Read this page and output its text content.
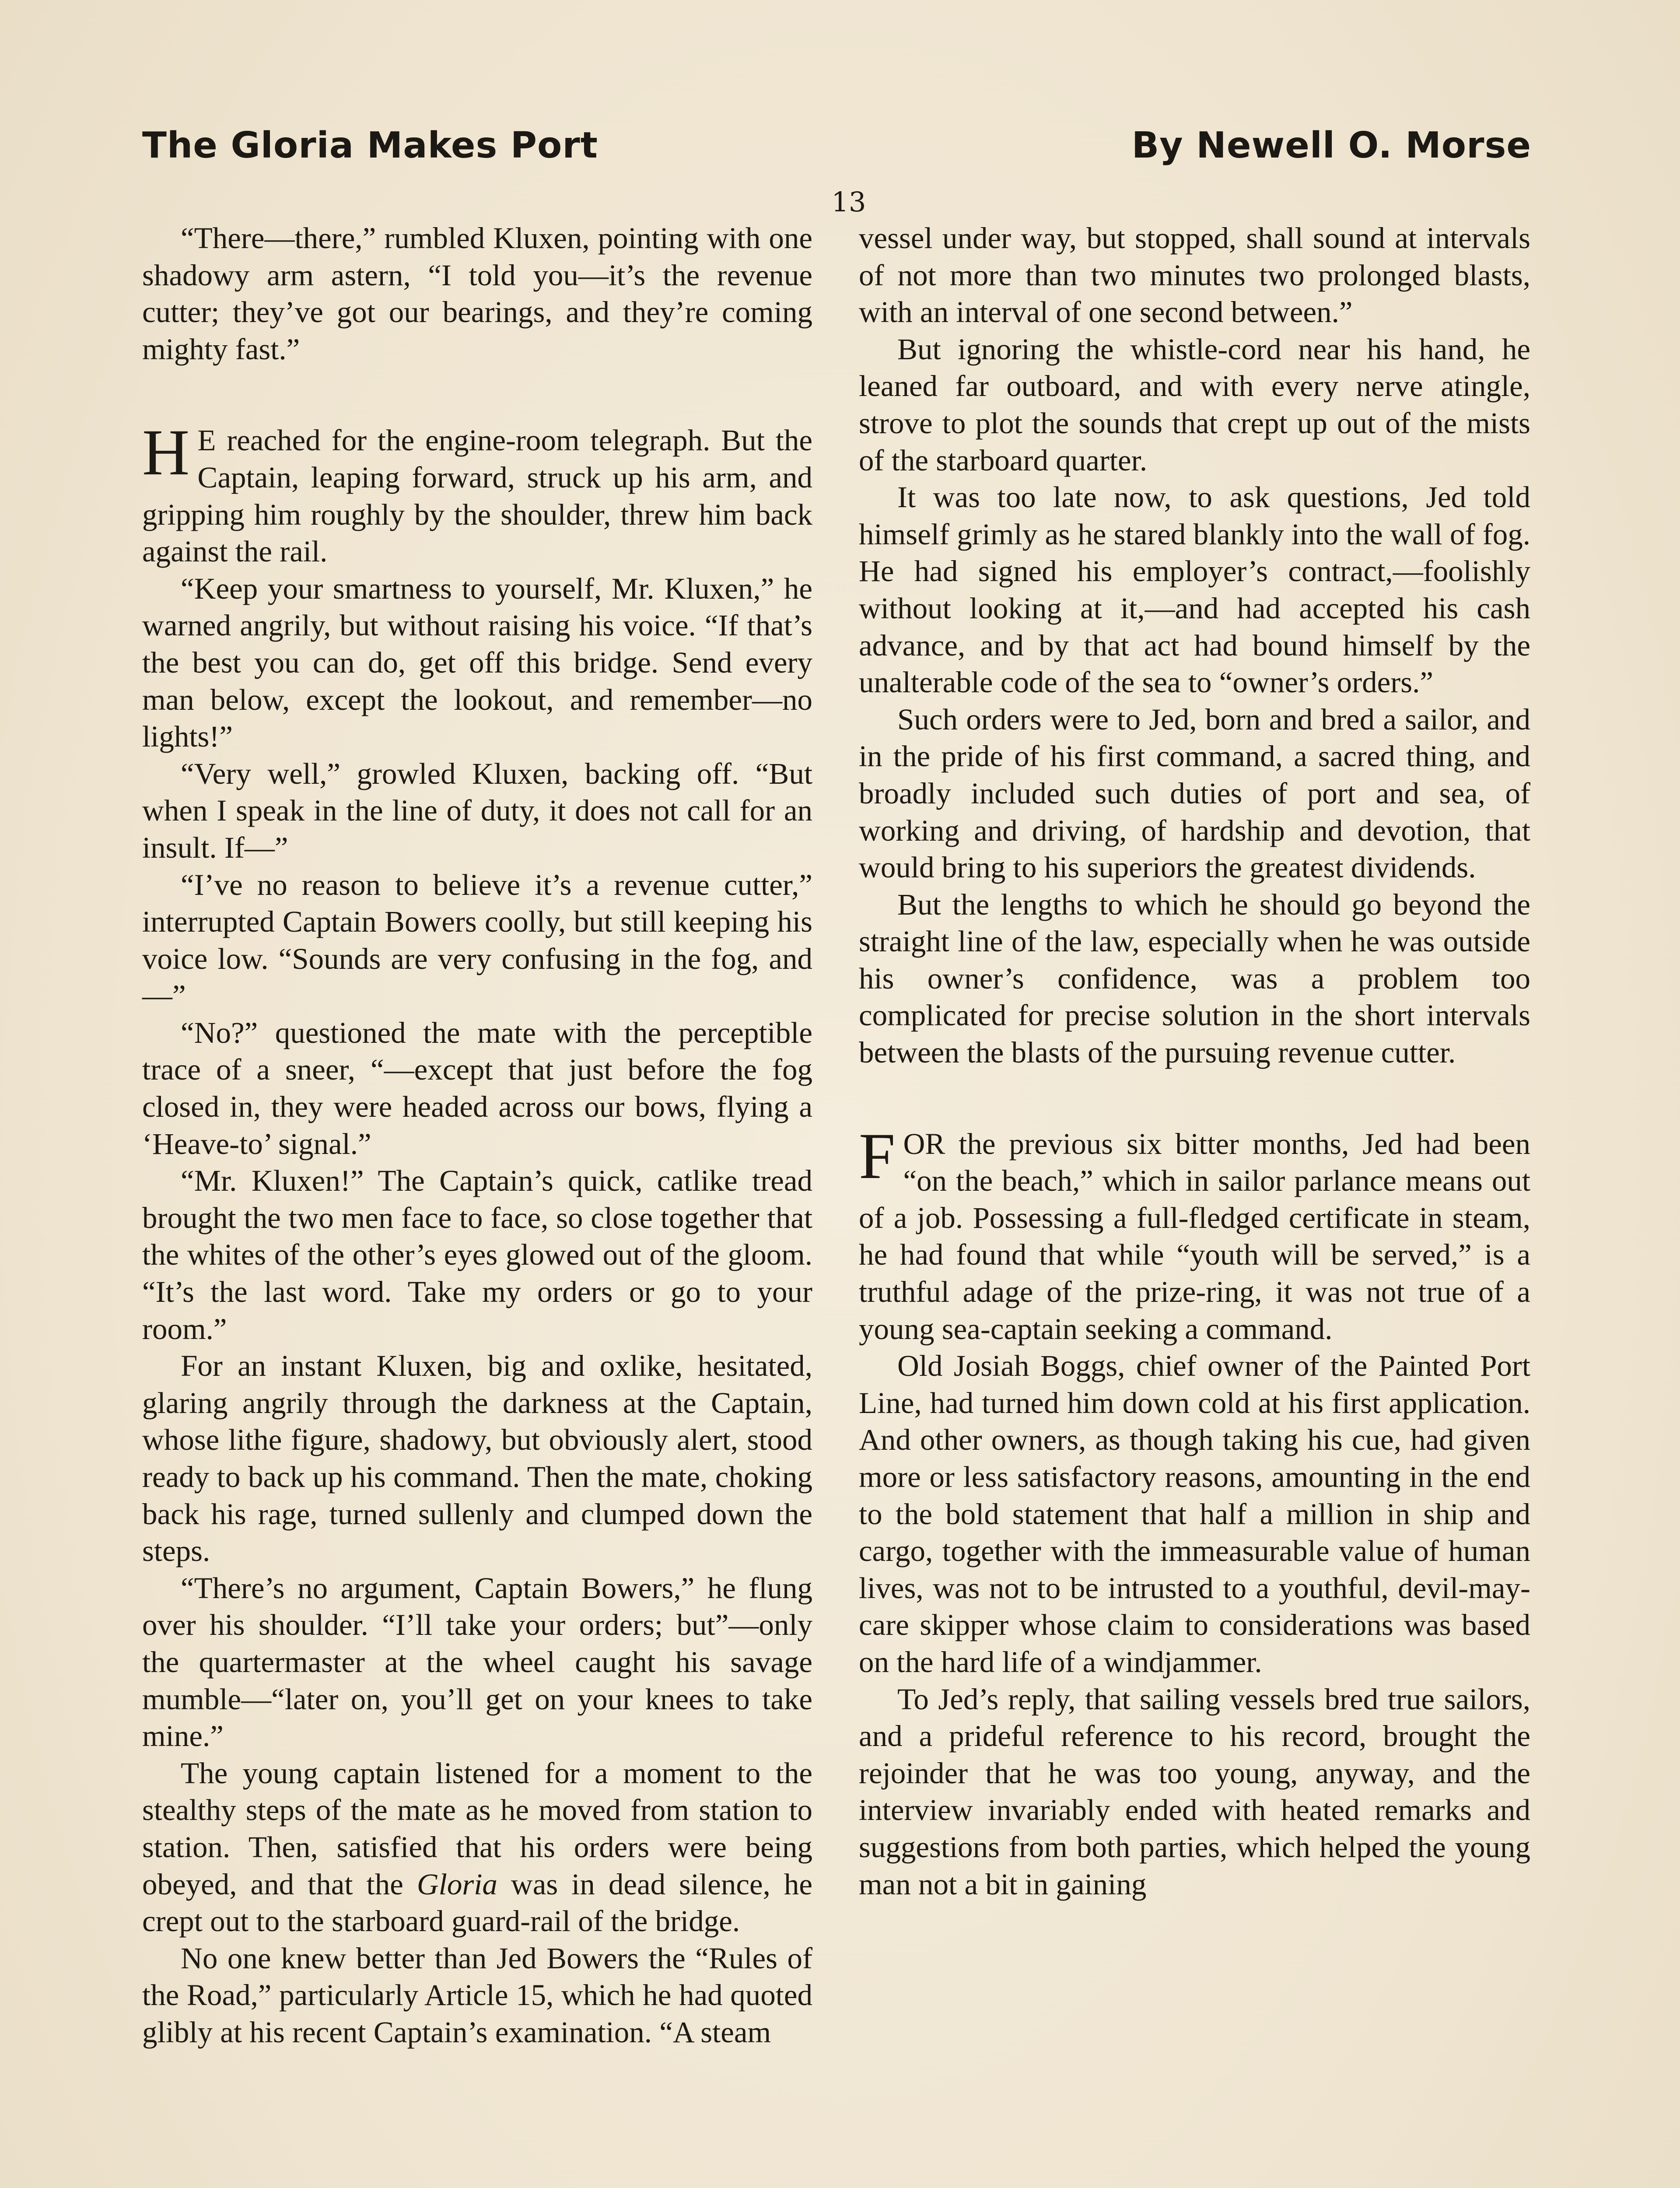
The Gloria Makes Port	By Newell O. Morse
13

“There—there,” rumbled Kluxen, pointing with one shadowy arm astern, “I told you—it’s the revenue cutter; they’ve got our bearings, and they’re coming mighty fast.”

H E reached for the engine-room telegraph. But the Captain, leaping forward, struck up his arm, and gripping him roughly by the shoulder, threw him back against the rail.

“Keep your smartness to yourself, Mr. Kluxen,” he warned angrily, but without raising his voice. “If that’s the best you can do, get off this bridge. Send every man below, except the lookout, and remember—no lights!”

“Very well,” growled Kluxen, backing off. “But when I speak in the line of duty, it does not call for an insult. If—”

“I’ve no reason to believe it’s a revenue cutter,” interrupted Captain Bowers coolly, but still keeping his voice low. “Sounds are very confusing in the fog, and—”

“No?” questioned the mate with the perceptible trace of a sneer, “—except that just before the fog closed in, they were headed across our bows, flying a ‘Heave-to’ signal.”

“Mr. Kluxen!” The Captain’s quick, catlike tread brought the two men face to face, so close together that the whites of the other’s eyes glowed out of the gloom. “It’s the last word. Take my orders or go to your room.”

For an instant Kluxen, big and oxlike, hesitated, glaring angrily through the darkness at the Captain, whose lithe figure, shadowy, but obviously alert, stood ready to back up his command. Then the mate, choking back his rage, turned sullenly and clumped down the steps.

“There’s no argument, Captain Bowers,” he flung over his shoulder. “I’ll take your orders; but”—only the quartermaster at the wheel caught his savage mumble—“later on, you’ll get on your knees to take mine.”

The young captain listened for a moment to the stealthy steps of the mate as he moved from station to station. Then, satisfied that his orders were being obeyed, and that the Gloria was in dead silence, he crept out to the starboard guard-rail of the bridge.

No one knew better than Jed Bowers the “Rules of the Road,” particularly Article 15, which he had quoted glibly at his recent Captain’s examination. “A steam

vessel under way, but stopped, shall sound at intervals of not more than two minutes two prolonged blasts, with an interval of one second between.”

But ignoring the whistle-cord near his hand, he leaned far outboard, and with every nerve atingle, strove to plot the sounds that crept up out of the mists of the starboard quarter.

It was too late now, to ask questions, Jed told himself grimly as he stared blankly into the wall of fog. He had signed his employer’s contract,—foolishly without looking at it,—and had accepted his cash advance, and by that act had bound himself by the unalterable code of the sea to “owner’s orders.”

Such orders were to Jed, born and bred a sailor, and in the pride of his first command, a sacred thing, and broadly included such duties of port and sea, of working and driving, of hardship and devotion, that would bring to his superiors the greatest dividends.

But the lengths to which he should go beyond the straight line of the law, especially when he was outside his owner’s confidence, was a problem too complicated for precise solution in the short intervals between the blasts of the pursuing revenue cutter.

FOR the previous six bitter months, Jed had been “on the beach,” which in sailor parlance means out of a job. Possessing a full-fledged certificate in steam, he had found that while “youth will be served,” is a truthful adage of the prize-ring, it was not true of a young sea-captain seeking a command.

Old Josiah Boggs, chief owner of the Painted Port Line, had turned him down cold at his first application. And other owners, as though taking his cue, had given more or less satisfactory reasons, amounting in the end to the bold statement that half a million in ship and cargo, together with the immeasurable value of human lives, was not to be intrusted to a youthful, devil-may-care skipper whose claim to considerations was based on the hard life of a windjammer.

To Jed’s reply, that sailing vessels bred true sailors, and a prideful reference to his record, brought the rejoinder that he was too young, anyway, and the interview invariably ended with heated remarks and suggestions from both parties, which helped the young man not a bit in gaining
